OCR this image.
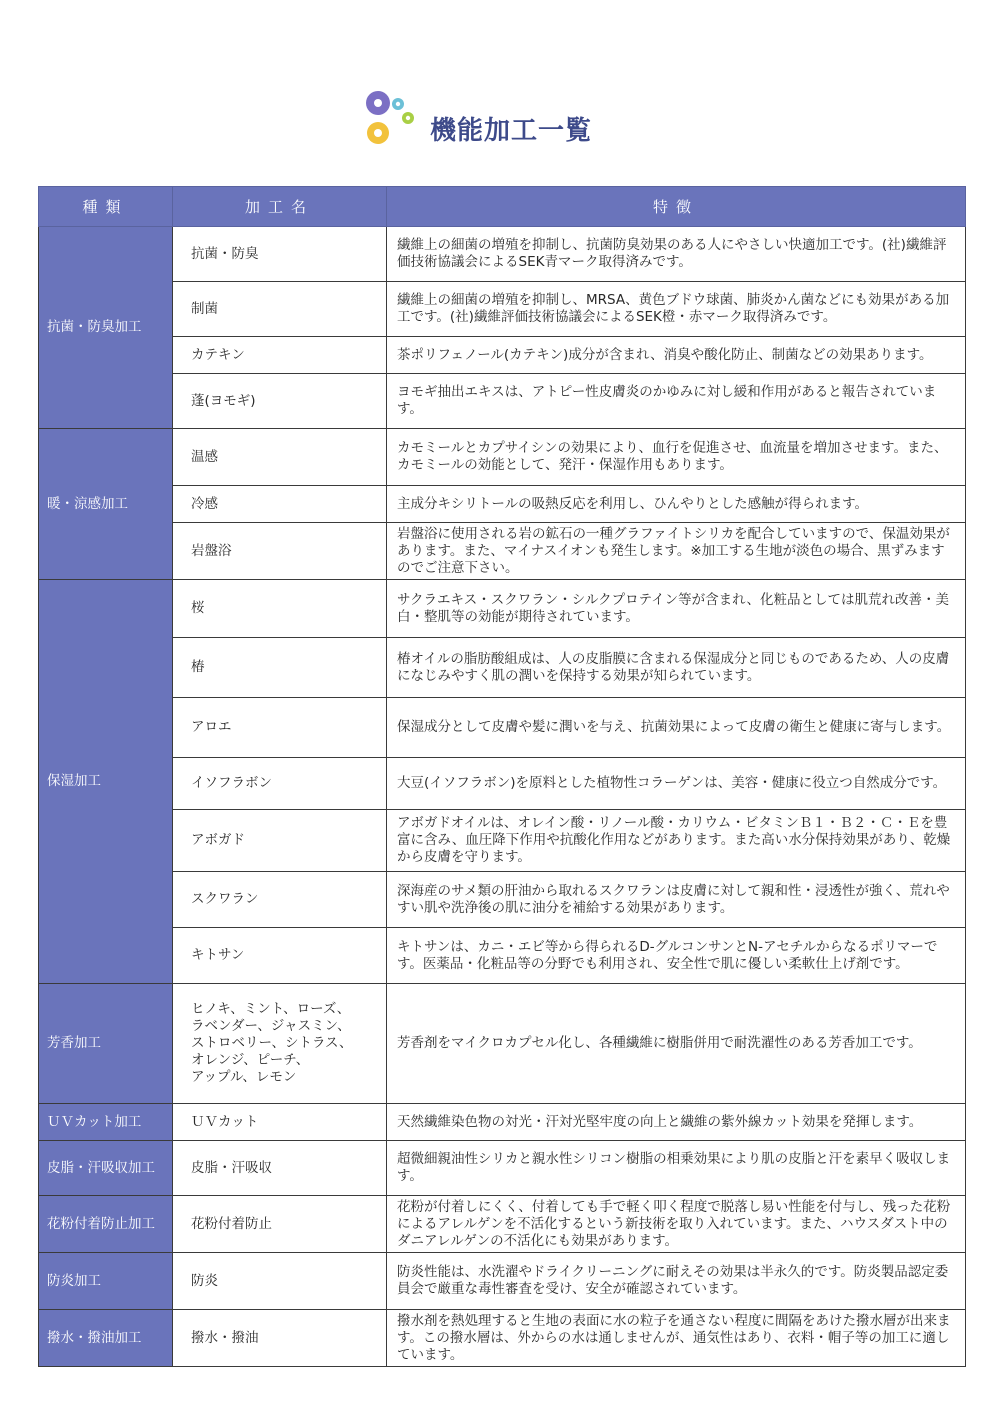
機能加工一覧
種類	加工名	特徴
抗菌・防臭加工	抗菌・防臭	繊維上の細菌の増殖を抑制し、抗菌防臭効果のある人にやさしい快適加工です。(社)繊維評価技術協議会によるSEK青マーク取得済みです。
	制菌	繊維上の細菌の増殖を抑制し、MRSA、黄色ブドウ球菌、肺炎かん菌などにも効果がある加工です。(社)繊維評価技術協議会によるSEK橙・赤マーク取得済みです。
	カテキン	茶ポリフェノール(カテキン)成分が含まれ、消臭や酸化防止、制菌などの効果あります。
	蓬(ヨモギ)	ヨモギ抽出エキスは、アトピー性皮膚炎のかゆみに対し緩和作用があると報告されています。
暖・涼感加工	温感	カモミールとカプサイシンの効果により、血行を促進させ、血流量を増加させます。また、カモミールの効能として、発汗・保湿作用もあります。
	冷感	主成分キシリトールの吸熱反応を利用し、ひんやりとした感触が得られます。
	岩盤浴	岩盤浴に使用される岩の鉱石の一種グラファイトシリカを配合していますので、保温効果があります。また、マイナスイオンも発生します。※加工する生地が淡色の場合、黒ずみますのでご注意下さい。
保湿加工	桜	サクラエキス・スクワラン・シルクプロテイン等が含まれ、化粧品としては肌荒れ改善・美白・整肌等の効能が期待されています。
	椿	椿オイルの脂肪酸組成は、人の皮脂膜に含まれる保湿成分と同じものであるため、人の皮膚になじみやすく肌の潤いを保持する効果が知られています。
	アロエ	保湿成分として皮膚や髪に潤いを与え、抗菌効果によって皮膚の衛生と健康に寄与します。
	イソフラボン	大豆(イソフラボン)を原料とした植物性コラーゲンは、美容・健康に役立つ自然成分です。
	アボガド	アボガドオイルは、オレイン酸・リノール酸・カリウム・ビタミンＢ１・Ｂ２・Ｃ・Ｅを豊富に含み、血圧降下作用や抗酸化作用などがあります。また高い水分保持効果があり、乾燥から皮膚を守ります。
	スクワラン	深海産のサメ類の肝油から取れるスクワランは皮膚に対して親和性・浸透性が強く、荒れやすい肌や洗浄後の肌に油分を補給する効果があります。
	キトサン	キトサンは、カニ・エビ等から得られるD-グルコンサンとN-アセチルからなるポリマーです。医薬品・化粧品等の分野でも利用され、安全性で肌に優しい柔軟仕上げ剤です。
芳香加工	ヒノキ、ミント、ローズ、
ラベンダー、ジャスミン、
ストロベリー、シトラス、
オレンジ、ピーチ、
アップル、レモン	芳香剤をマイクロカプセル化し、各種繊維に樹脂併用で耐洗濯性のある芳香加工です。
ＵＶカット加工	ＵＶカット	天然繊維染色物の対光・汗対光堅牢度の向上と繊維の紫外線カット効果を発揮します。
皮脂・汗吸収加工	皮脂・汗吸収	超微細親油性シリカと親水性シリコン樹脂の相乗効果により肌の皮脂と汗を素早く吸収します。
花粉付着防止加工	花粉付着防止	花粉が付着しにくく、付着しても手で軽く叩く程度で脱落し易い性能を付与し、残った花粉によるアレルゲンを不活化するという新技術を取り入れています。また、ハウスダスト中のダニアレルゲンの不活化にも効果があります。
防炎加工	防炎	防炎性能は、水洗濯やドライクリーニングに耐えその効果は半永久的です。防炎製品認定委員会で厳重な毒性審査を受け、安全が確認されています。
撥水・撥油加工	撥水・撥油	撥水剤を熱処理すると生地の表面に水の粒子を通さない程度に間隔をあけた撥水層が出来ます。この撥水層は、外からの水は通しませんが、通気性はあり、衣料・帽子等の加工に適しています。
